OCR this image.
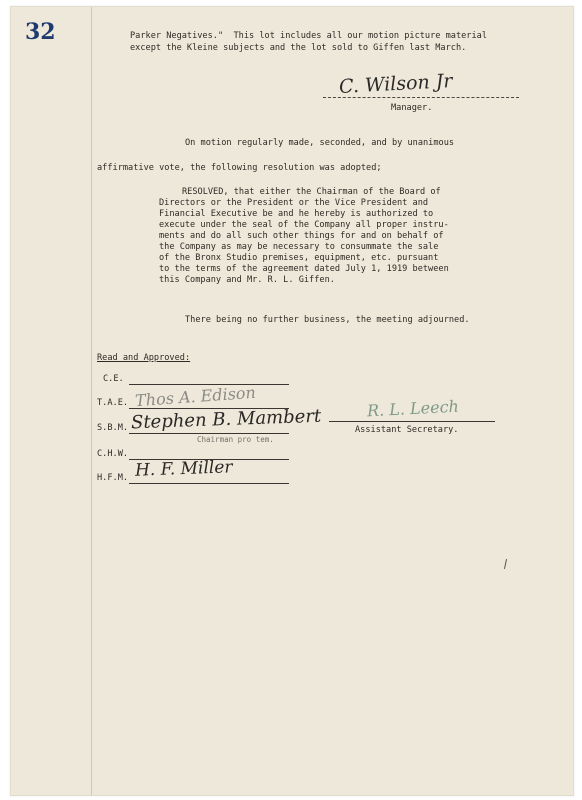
32	Parker Negatives."  This lot includes all our motion picture material
except the Kleine subjects and the lot sold to Giffen last March.
C. Wilson Jr
Manager.
On motion regularly made, seconded, and by unanimous
affirmative vote, the following resolution was adopted;
RESOLVED, that either the Chairman of the Board of
Directors or the President or the Vice President and
Financial Executive be and he hereby is authorized to
execute under the seal of the Company all proper instru-
ments and do all such other things for and on behalf of
the Company as may be necessary to consummate the sale
of the Bronx Studio premises, equipment, etc. pursuant
to the terms of the agreement dated July 1, 1919 between
this Company and Mr. R. L. Giffen.
There being no further business, the meeting adjourned.
Read and Approved:
C.E.
T.A.E. Thos A. Edison
S.B.M. Stephen B. Mambert
Chairman pro tem.
C.H.W.
H.F.M. H. F. Miller
R. L. Leech
Assistant Secretary.
